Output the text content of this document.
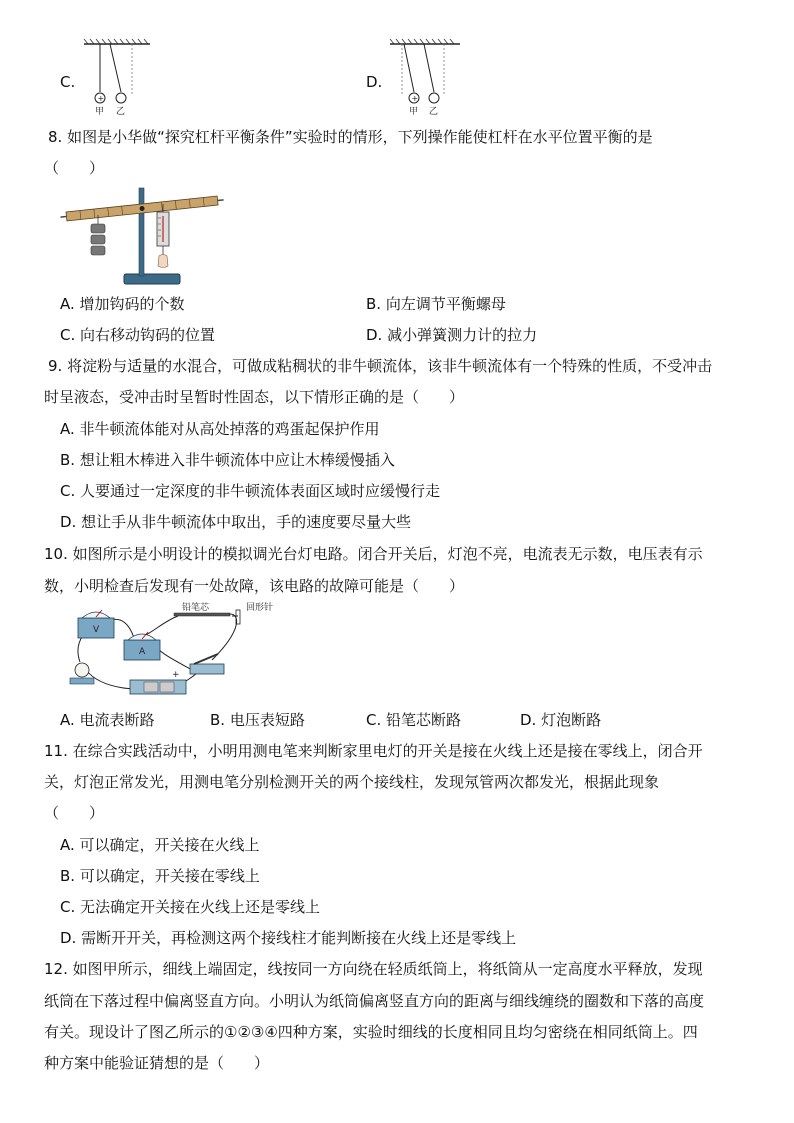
C.
+
甲 乙
D.
+
甲 乙
8. 如图是小华做“探究杠杆平衡条件”实验时的情形，下列操作能使杠杆在水平位置平衡的是
（　　）
A. 增加钩码的个数	B. 向左调节平衡螺母
C. 向右移动钩码的位置	D. 减小弹簧测力计的拉力
9. 将淀粉与适量的水混合，可做成粘稠状的非牛顿流体，该非牛顿流体有一个特殊的性质，不受冲击
时呈液态，受冲击时呈暂时性固态，以下情形正确的是（　　）
A. 非牛顿流体能对从高处掉落的鸡蛋起保护作用
B. 想让粗木棒进入非牛顿流体中应让木棒缓慢插入
C. 人要通过一定深度的非牛顿流体表面区域时应缓慢行走
D. 想让手从非牛顿流体中取出，手的速度要尽量大些
10. 如图所示是小明设计的模拟调光台灯电路。闭合开关后，灯泡不亮，电流表无示数，电压表有示
数，小明检查后发现有一处故障，该电路的故障可能是（　　）
V
A
铅笔芯	回形针
+
A. 电流表断路	B. 电压表短路	C. 铅笔芯断路	D. 灯泡断路
11. 在综合实践活动中，小明用测电笔来判断家里电灯的开关是接在火线上还是接在零线上，闭合开
关，灯泡正常发光，用测电笔分别检测开关的两个接线柱，发现氖管两次都发光，根据此现象
（　　）
A. 可以确定，开关接在火线上
B. 可以确定，开关接在零线上
C. 无法确定开关接在火线上还是零线上
D. 需断开开关，再检测这两个接线柱才能判断接在火线上还是零线上
12. 如图甲所示，细线上端固定，线按同一方向绕在轻质纸筒上，将纸筒从一定高度水平释放，发现
纸筒在下落过程中偏离竖直方向。小明认为纸筒偏离竖直方向的距离与细线缠绕的圈数和下落的高度
有关。现设计了图乙所示的①②③④四种方案，实验时细线的长度相同且均匀密绕在相同纸筒上。四
种方案中能验证猜想的是（　　）
